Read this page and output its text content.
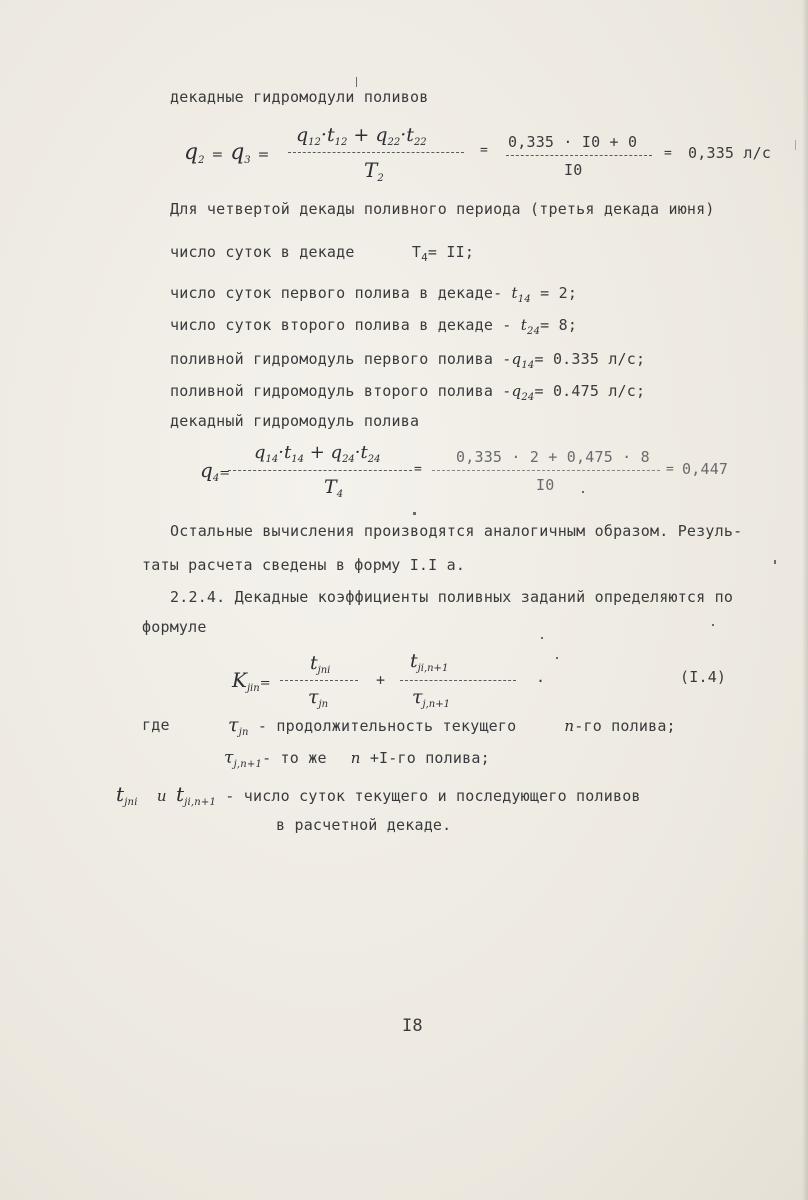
декадные гидромодули поливов
$q_2 = q_3$ =
$q_{12}\cdot t_{12} + q_{22}\cdot t_{22}$
$T_2$
= 0,335 · I0 + 0
I0
= 0,335 л/с
Для четвертой декады поливного периода (третья декада июня)
число суток в декаде	$T_4=$ II;
число суток первого полива в декаде- $t_{14} = 2$;
число суток второго полива в декаде - $t_{24}= 8$;
поливной гидромодуль первого полива $-q_{14}= 0.335$ л/с;
поливной гидромодуль второго полива $-q_{24}= 0.475$ л/с;
декадный гидромодуль полива
$q_4=$
$q_{14}\cdot t_{14} + q_{24}\cdot t_{24}$
$T_4$
=
0,335 · 2 + 0,475 · 8
I0
= 0,447
Остальные вычисления производятся аналогичным образом. Резуль-
таты расчета сведены в форму I.I а.
2.2.4. Декадные коэффициенты поливных заданий определяются по
формуле
$K_{jin}=$
$t_{jni}$
$\tau_{jn}$
+
$t_{ji,n+1}$
$\tau_{j,n+1}$
.	(I.4)
где	$\tau_{jn}$ - продолжительность текущего	n-го полива;
$\tau_{j,n+1}-$ то же n +I-го полива;
$t_{jni}$ и $t_{ji,n+1}$ - число суток текущего и последующего поливов
в расчетной декаде.
I8
